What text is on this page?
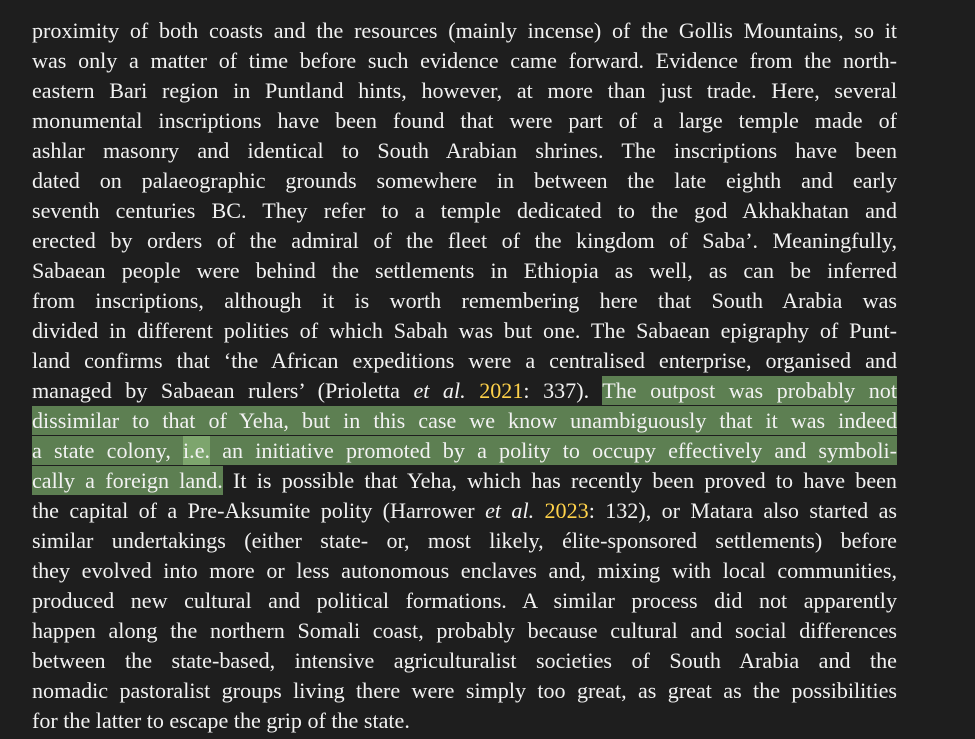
proximity of both coasts and the resources (mainly incense) of the Gollis Mountains, so it
was only a matter of time before such evidence came forward. Evidence from the north-
eastern Bari region in Puntland hints, however, at more than just trade. Here, several
monumental inscriptions have been found that were part of a large temple made of
ashlar masonry and identical to South Arabian shrines. The inscriptions have been
dated on palaeographic grounds somewhere in between the late eighth and early
seventh centuries BC. They refer to a temple dedicated to the god Akhakhatan and
erected by orders of the admiral of the fleet of the kingdom of Saba’. Meaningfully,
Sabaean people were behind the settlements in Ethiopia as well, as can be inferred
from inscriptions, although it is worth remembering here that South Arabia was
divided in different polities of which Sabah was but one. The Sabaean epigraphy of Punt-
land confirms that ‘the African expeditions were a centralised enterprise, organised and
managed by Sabaean rulers’ (Prioletta et al. 2021: 337). The outpost was probably not
dissimilar to that of Yeha, but in this case we know unambiguously that it was indeed
a state colony, i.e. an initiative promoted by a polity to occupy effectively and symboli-
cally a foreign land. It is possible that Yeha, which has recently been proved to have been
the capital of a Pre-Aksumite polity (Harrower et al. 2023: 132), or Matara also started as
similar undertakings (either state- or, most likely, élite-sponsored settlements) before
they evolved into more or less autonomous enclaves and, mixing with local communities,
produced new cultural and political formations. A similar process did not apparently
happen along the northern Somali coast, probably because cultural and social differences
between the state-based, intensive agriculturalist societies of South Arabia and the
nomadic pastoralist groups living there were simply too great, as great as the possibilities
for the latter to escape the grip of the state.
